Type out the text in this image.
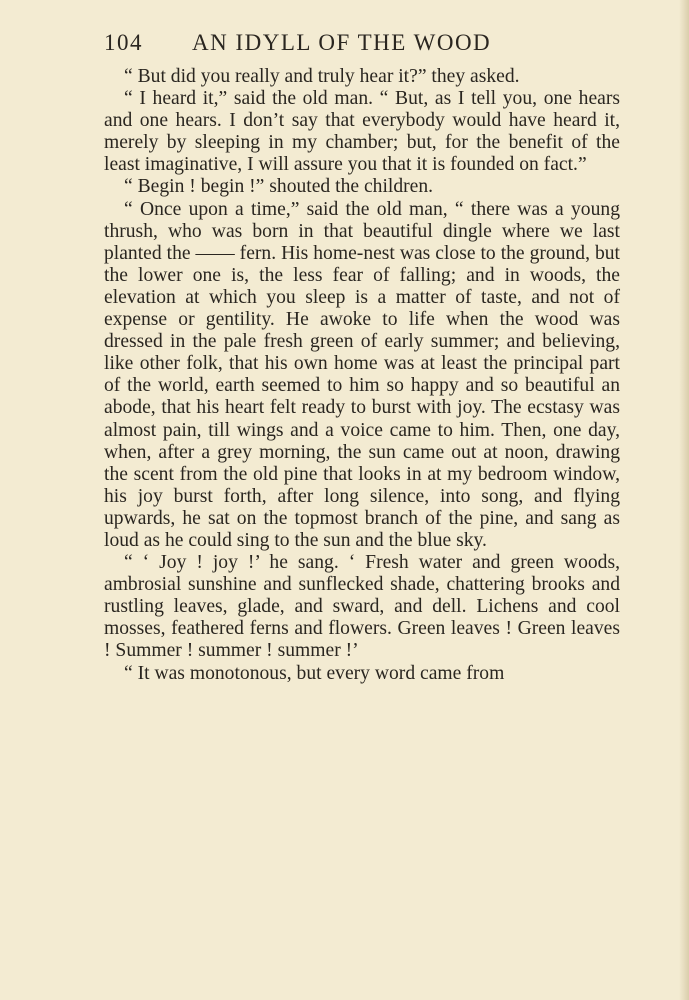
104 AN IDYLL OF THE WOOD

“ But did you really and truly hear it?” they asked.

“ I heard it,” said the old man. “ But, as I tell you, one hears and one hears. I don’t say that everybody would have heard it, merely by sleeping in my chamber; but, for the benefit of the least imaginative, I will assure you that it is founded on fact.”

“ Begin ! begin !” shouted the children.

“ Once upon a time,” said the old man, “ there was a young thrush, who was born in that beautiful dingle where we last planted the —— fern. His home-nest was close to the ground, but the lower one is, the less fear of falling; and in woods, the elevation at which you sleep is a matter of taste, and not of expense or gentility. He awoke to life when the wood was dressed in the pale fresh green of early summer; and believing, like other folk, that his own home was at least the principal part of the world, earth seemed to him so happy and so beautiful an abode, that his heart felt ready to burst with joy. The ecstasy was almost pain, till wings and a voice came to him. Then, one day, when, after a grey morning, the sun came out at noon, drawing the scent from the old pine that looks in at my bedroom window, his joy burst forth, after long silence, into song, and flying upwards, he sat on the topmost branch of the pine, and sang as loud as he could sing to the sun and the blue sky.

“ ‘ Joy ! joy !’ he sang. ‘ Fresh water and green woods, ambrosial sunshine and sunflecked shade, chattering brooks and rustling leaves, glade, and sward, and dell. Lichens and cool mosses, feathered ferns and flowers. Green leaves ! Green leaves ! Summer ! summer ! summer !’

“ It was monotonous, but every word came from
